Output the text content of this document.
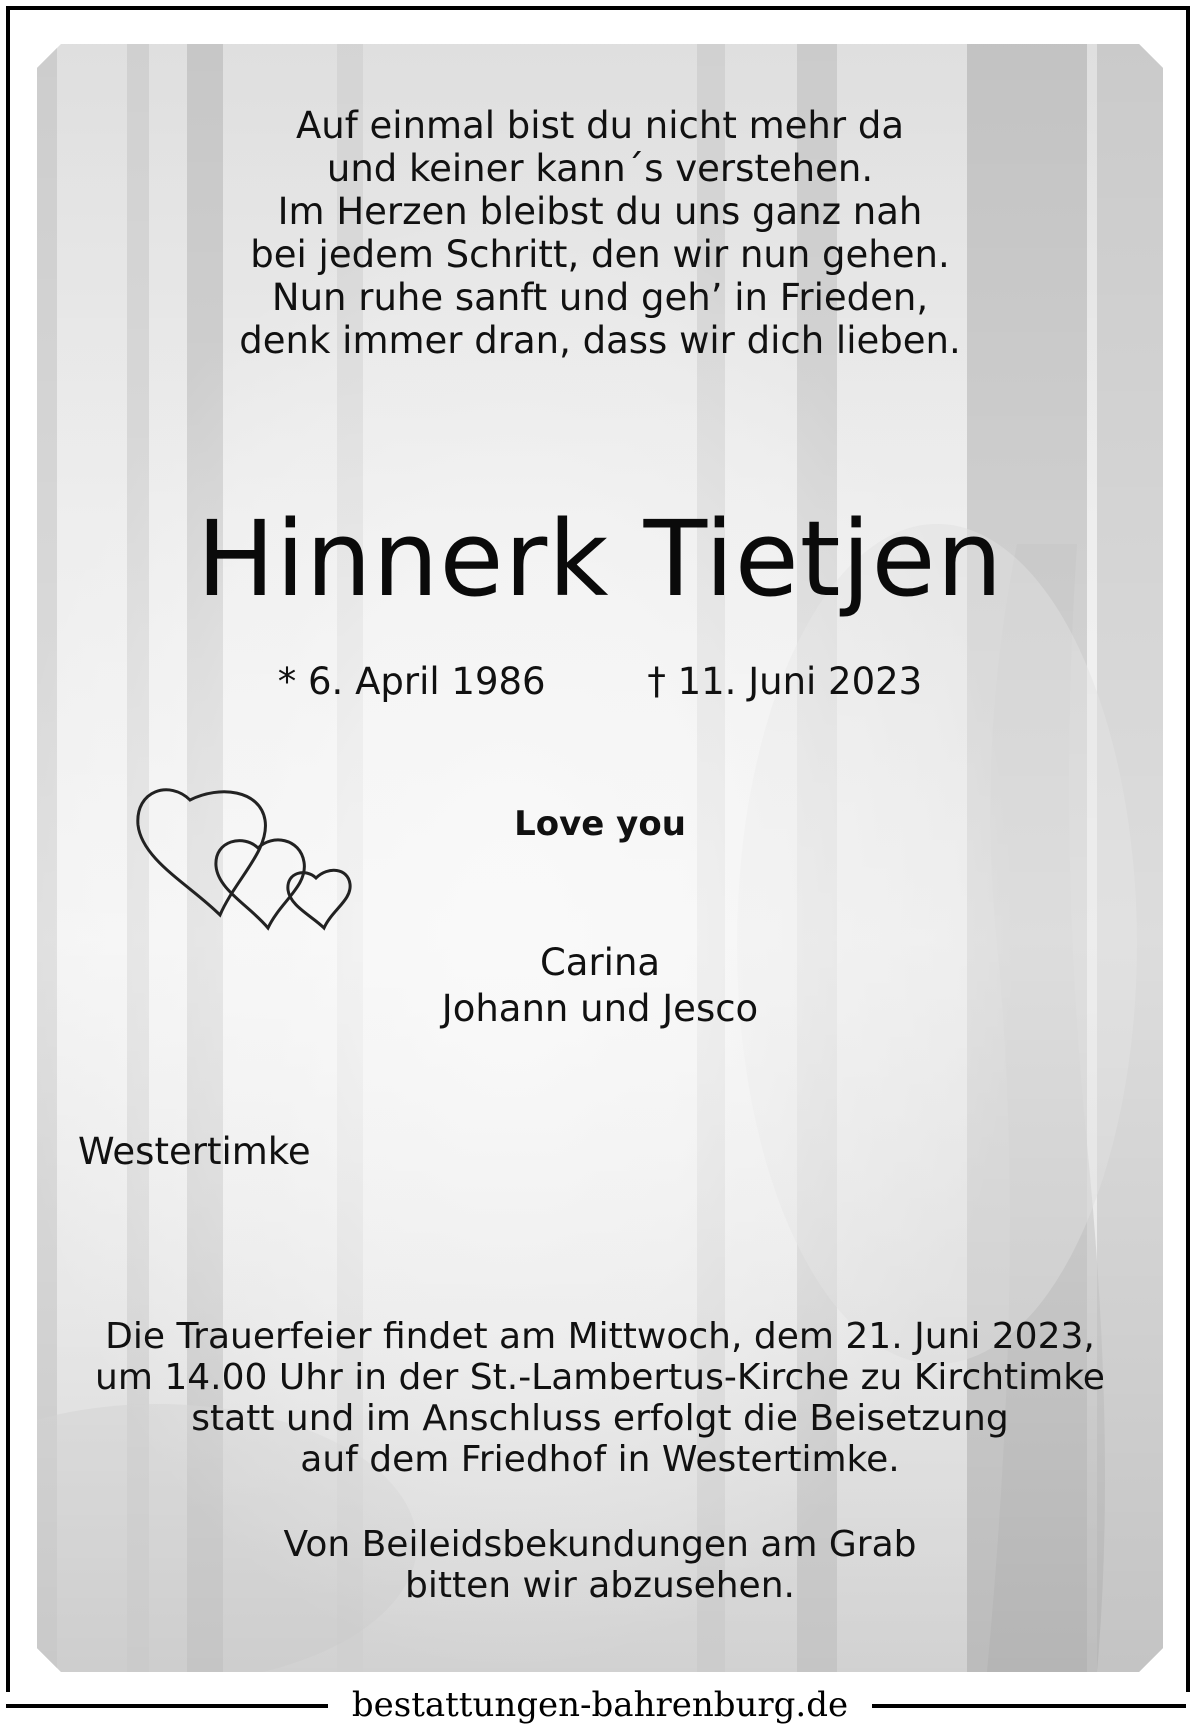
Auf einmal bist du nicht mehr da
und keiner kann´s verstehen.
Im Herzen bleibst du uns ganz nah
bei jedem Schritt, den wir nun gehen.
Nun ruhe sanft und geh’ in Frieden,
denk immer dran, dass wir dich lieben.
Hinnerk Tietjen
* 6. April 1986	† 11. Juni 2023
Love you
Carina
Johann und Jesco
Westertimke
Die Trauerfeier findet am Mittwoch, dem 21. Juni 2023,
um 14.00 Uhr in der St.-Lambertus-Kirche zu Kirchtimke
statt und im Anschluss erfolgt die Beisetzung
auf dem Friedhof in Westertimke.
Von Beileidsbekundungen am Grab
bitten wir abzusehen.
bestattungen-bahrenburg.de
